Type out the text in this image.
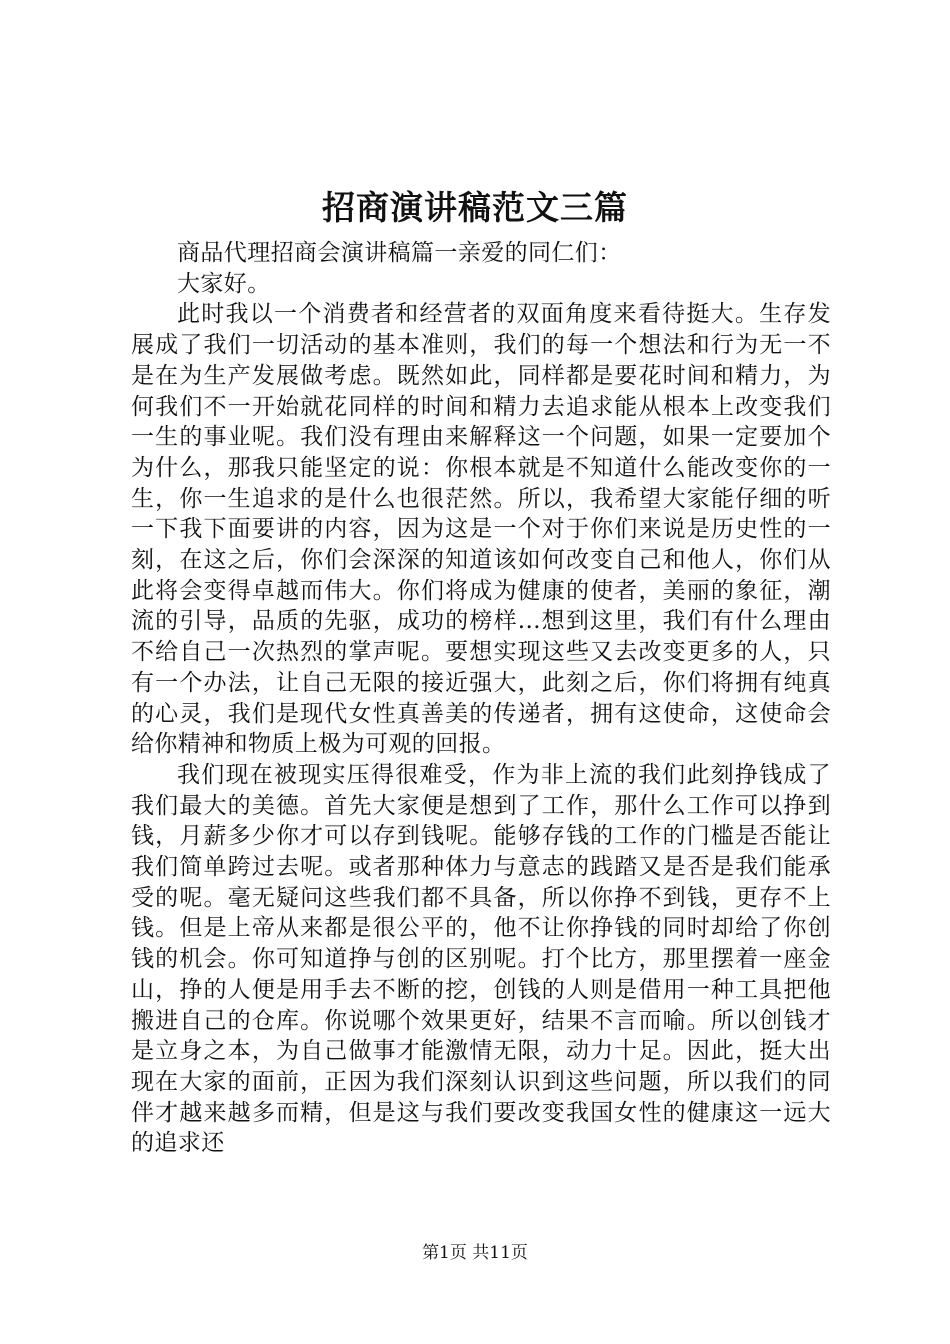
招商演讲稿范文三篇

商品代理招商会演讲稿篇一亲爱的同仁们：

大家好。

此时我以一个消费者和经营者的双面角度来看待挺大。生存发展成了我们一切活动的基本准则，我们的每一个想法和行为无一不是在为生产发展做考虑。既然如此，同样都是要花时间和精力，为何我们不一开始就花同样的时间和精力去追求能从根本上改变我们一生的事业呢。我们没有理由来解释这一个问题，如果一定要加个为什么，那我只能坚定的说：你根本就是不知道什么能改变你的一生，你一生追求的是什么也很茫然。所以，我希望大家能仔细的听一下我下面要讲的内容，因为这是一个对于你们来说是历史性的一刻，在这之后，你们会深深的知道该如何改变自己和他人，你们从此将会变得卓越而伟大。你们将成为健康的使者，美丽的象征，潮流的引导，品质的先驱，成功的榜样...想到这里，我们有什么理由不给自己一次热烈的掌声呢。要想实现这些又去改变更多的人，只有一个办法，让自己无限的接近强大，此刻之后，你们将拥有纯真的心灵，我们是现代女性真善美的传递者，拥有这使命，这使命会给你精神和物质上极为可观的回报。

我们现在被现实压得很难受，作为非上流的我们此刻挣钱成了我们最大的美德。首先大家便是想到了工作，那什么工作可以挣到钱，月薪多少你才可以存到钱呢。能够存钱的工作的门槛是否能让我们简单跨过去呢。或者那种体力与意志的践踏又是否是我们能承受的呢。毫无疑问这些我们都不具备，所以你挣不到钱，更存不上钱。但是上帝从来都是很公平的，他不让你挣钱的同时却给了你创钱的机会。你可知道挣与创的区别呢。打个比方，那里摆着一座金山，挣的人便是用手去不断的挖，创钱的人则是借用一种工具把他搬进自己的仓库。你说哪个效果更好，结果不言而喻。所以创钱才是立身之本，为自己做事才能激情无限，动力十足。因此，挺大出现在大家的面前，正因为我们深刻认识到这些问题，所以我们的同伴才越来越多而精，但是这与我们要改变我国女性的健康这一远大的追求还

第1页 共11页
